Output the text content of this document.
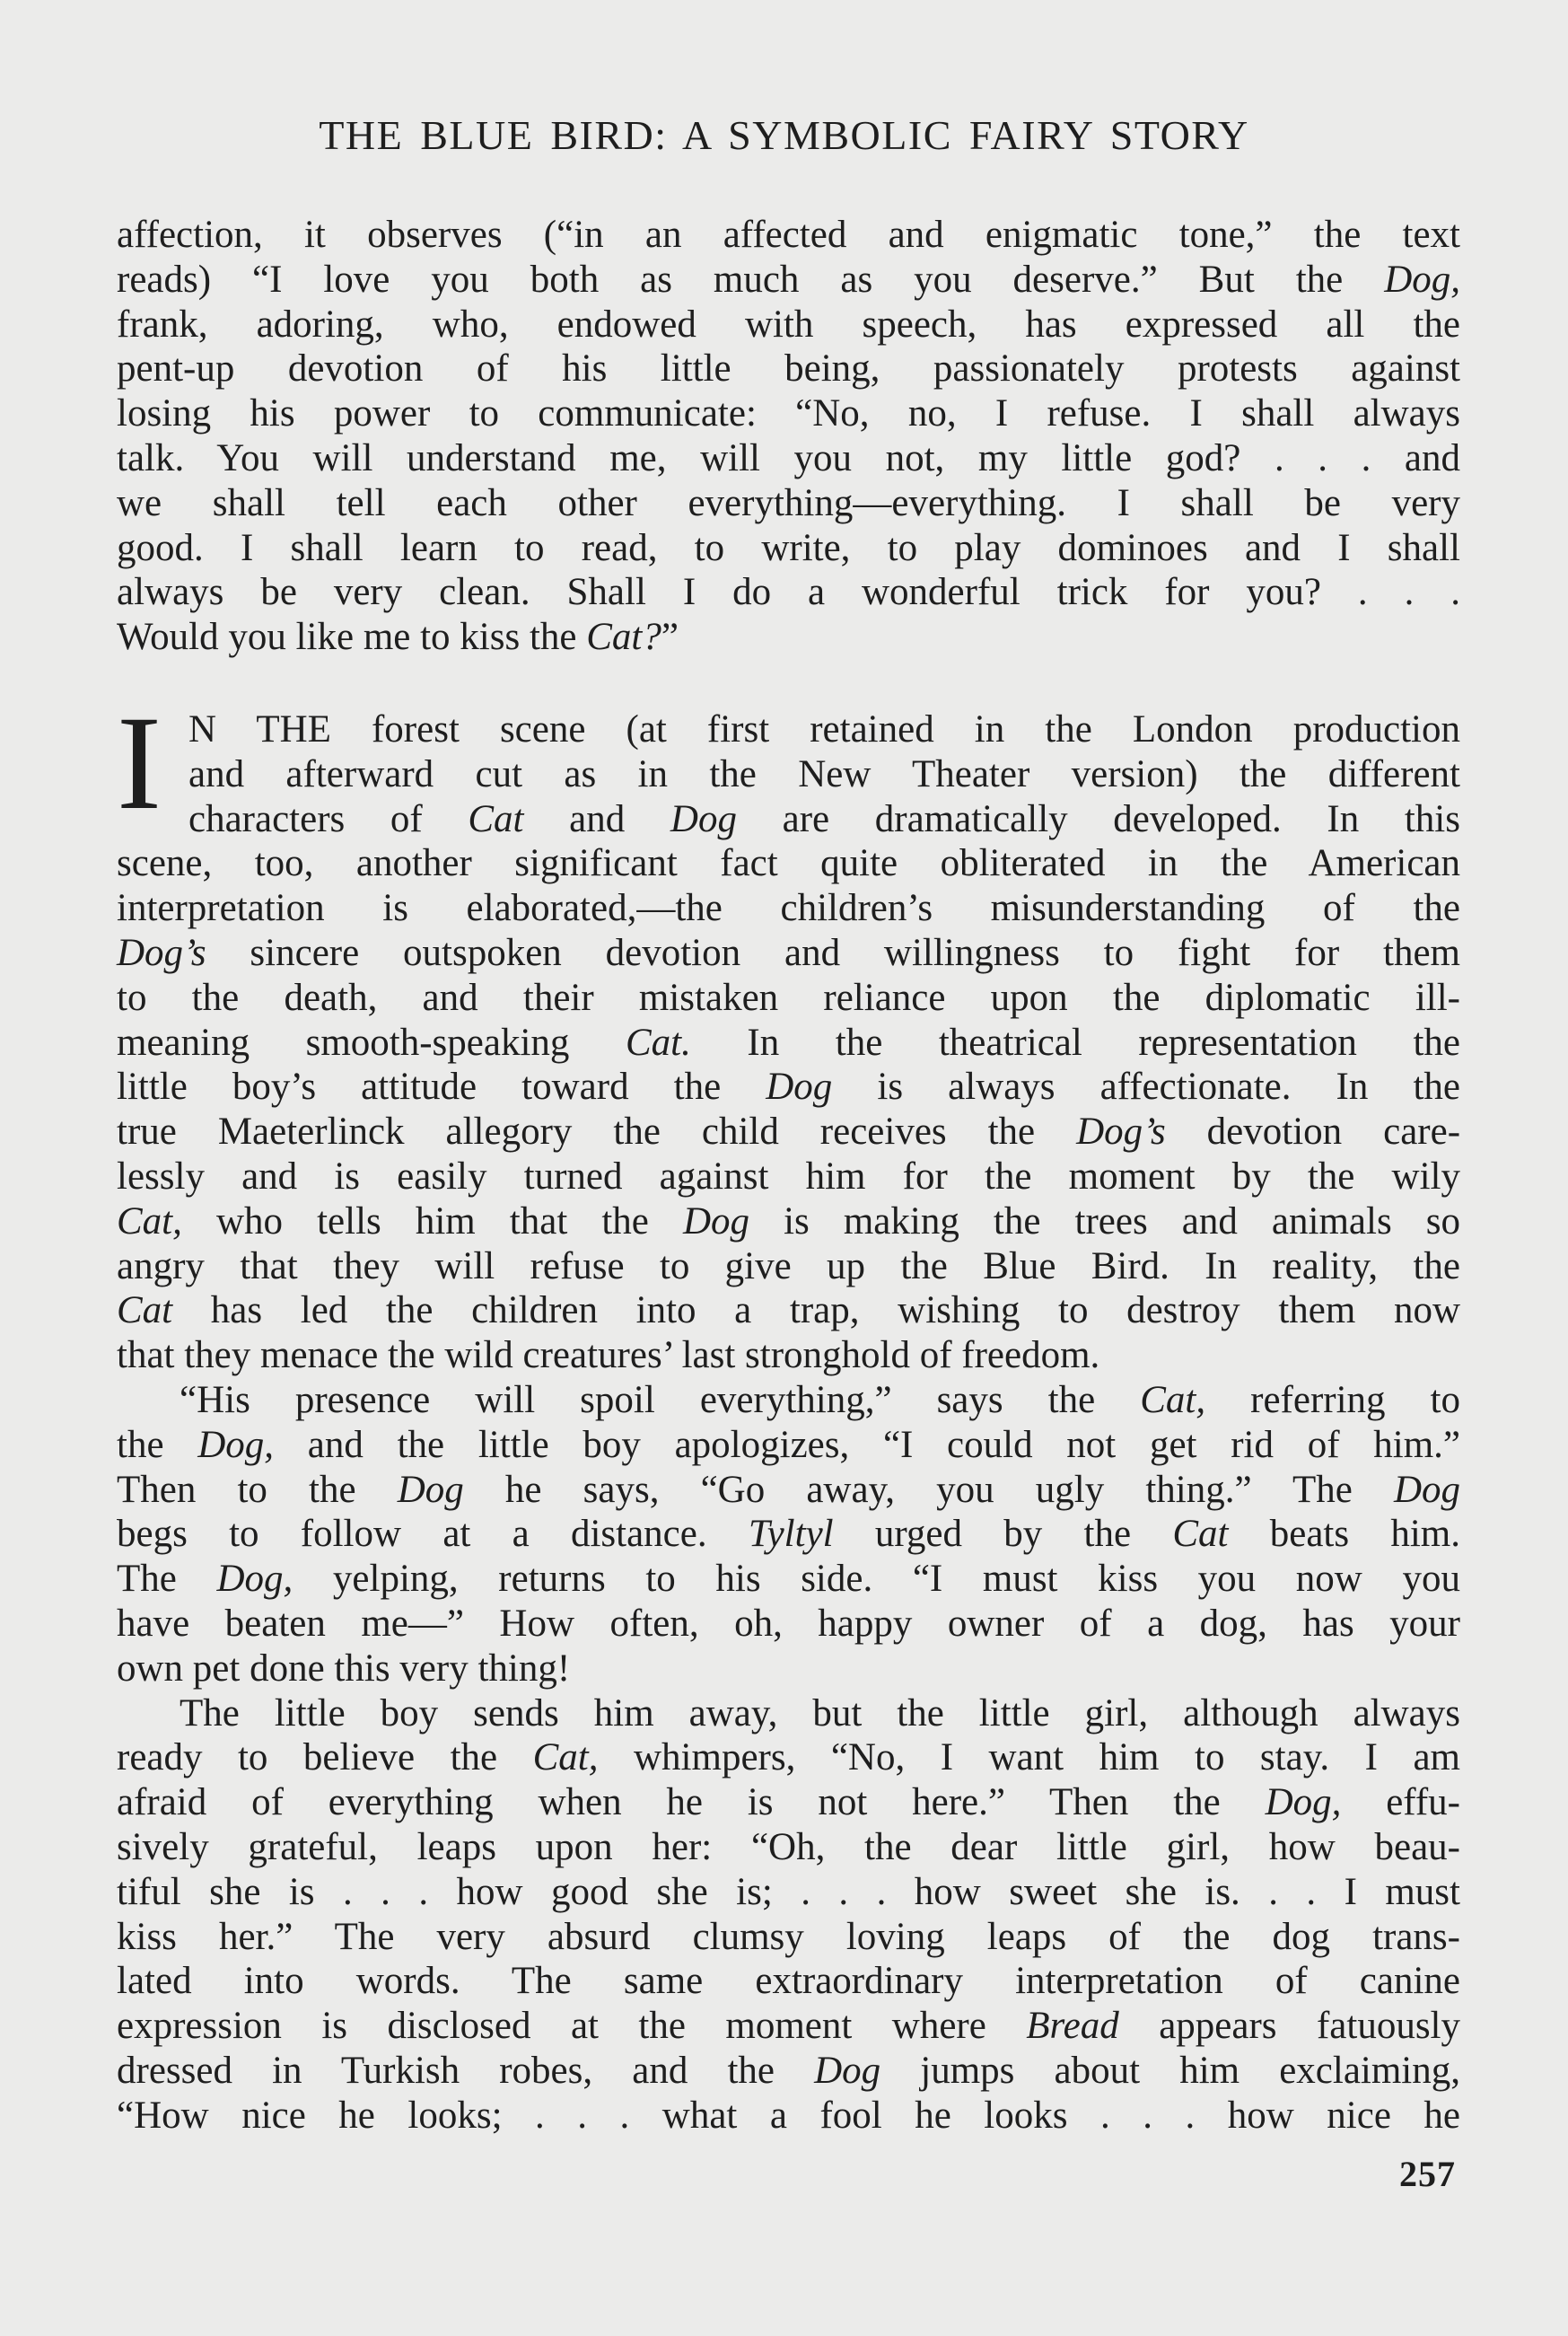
THE BLUE BIRD: A SYMBOLIC FAIRY STORY
affection, it observes (“in an affected and enigmatic tone,” the text
reads) “I love you both as much as you deserve.” But the Dog,
frank, adoring, who, endowed with speech, has expressed all the
pent-up devotion of his little being, passionately protests against
losing his power to communicate: “No, no, I refuse. I shall always
talk. You will understand me, will you not, my little god? . . . and
we shall tell each other everything—everything. I shall be very
good. I shall learn to read, to write, to play dominoes and I shall
always be very clean. Shall I do a wonderful trick for you? . . .
Would you like me to kiss the Cat?”
I N THE forest scene (at first retained in the London production
and afterward cut as in the New Theater version) the different
characters of Cat and Dog are dramatically developed. In this
scene, too, another significant fact quite obliterated in the American
interpretation is elaborated,—the children’s misunderstanding of the
Dog’s sincere outspoken devotion and willingness to fight for them
to the death, and their mistaken reliance upon the diplomatic ill-
meaning smooth-speaking Cat. In the theatrical representation the
little boy’s attitude toward the Dog is always affectionate. In the
true Maeterlinck allegory the child receives the Dog’s devotion care-
lessly and is easily turned against him for the moment by the wily
Cat, who tells him that the Dog is making the trees and animals so
angry that they will refuse to give up the Blue Bird. In reality, the
Cat has led the children into a trap, wishing to destroy them now
that they menace the wild creatures’ last stronghold of freedom.
“His presence will spoil everything,” says the Cat, referring to
the Dog, and the little boy apologizes, “I could not get rid of him.”
Then to the Dog he says, “Go away, you ugly thing.” The Dog
begs to follow at a distance. Tyltyl urged by the Cat beats him.
The Dog, yelping, returns to his side. “I must kiss you now you
have beaten me—” How often, oh, happy owner of a dog, has your
own pet done this very thing!
The little boy sends him away, but the little girl, although always
ready to believe the Cat, whimpers, “No, I want him to stay. I am
afraid of everything when he is not here.” Then the Dog, effu-
sively grateful, leaps upon her: “Oh, the dear little girl, how beau-
tiful she is . . . how good she is; . . . how sweet she is. . . I must
kiss her.” The very absurd clumsy loving leaps of the dog trans-
lated into words. The same extraordinary interpretation of canine
expression is disclosed at the moment where Bread appears fatuously
dressed in Turkish robes, and the Dog jumps about him exclaiming,
“How nice he looks; . . . what a fool he looks . . . how nice he
257
